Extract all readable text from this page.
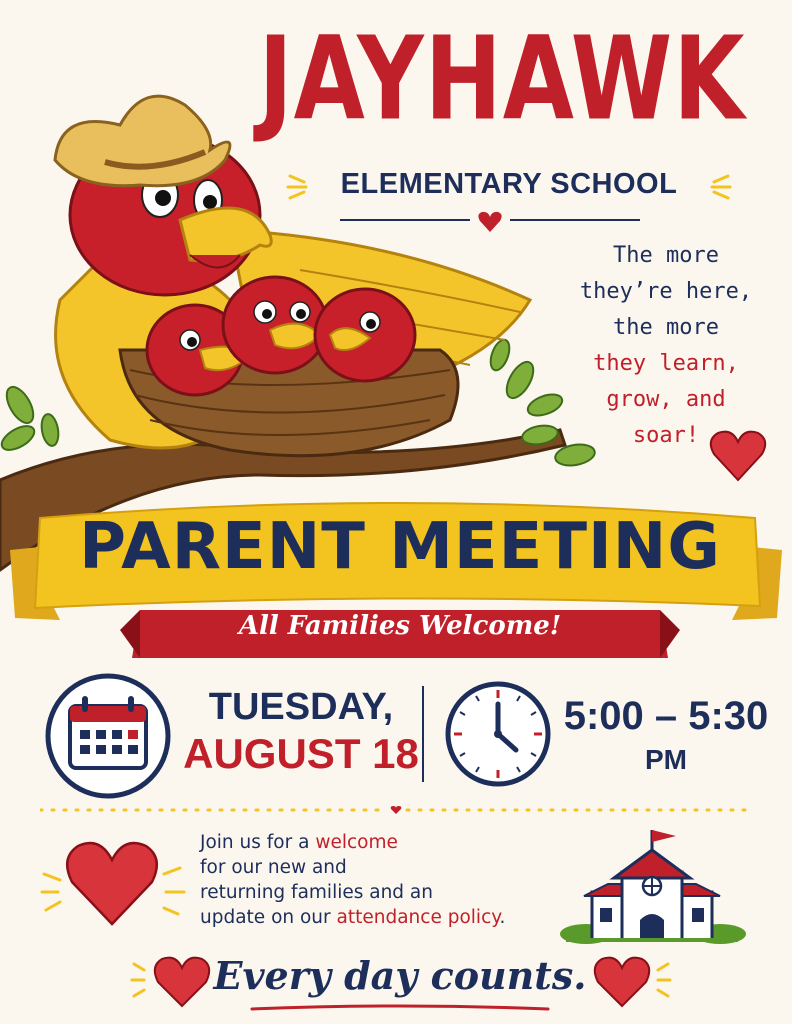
JAYHAWK
ELEMENTARY SCHOOL
The more
they’re here,
the more
they learn,
grow, and
soar!
PARENT MEETING
All Families Welcome!
TUESDAY,
AUGUST 18
5:00 – 5:30
PM
Join us for a welcome
for our new and
returning families and an
update on our attendance policy.
Every day counts.
